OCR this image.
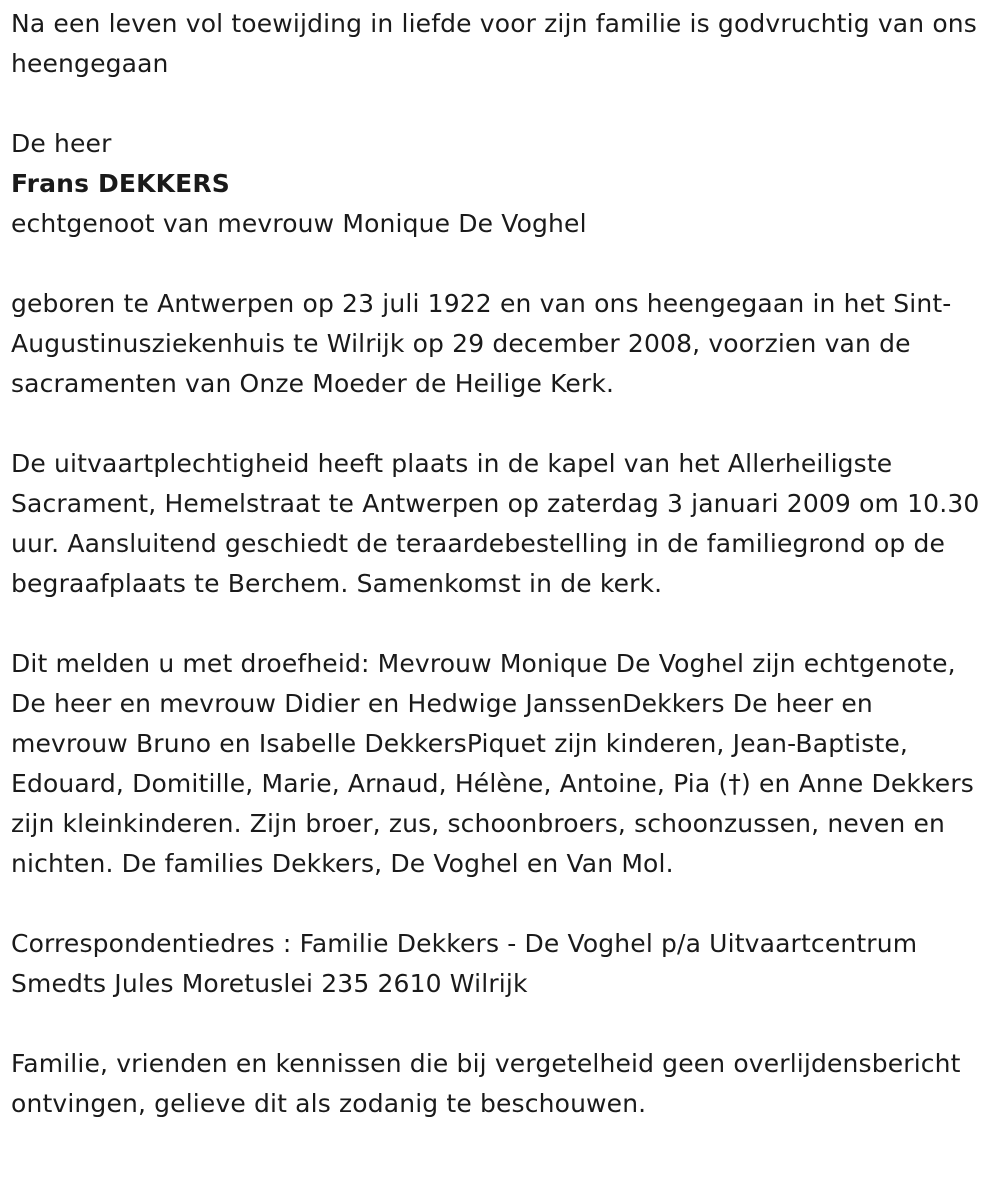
Na een leven vol toewijding in liefde voor zijn familie is godvruchtig van ons heengegaan

De heer

Frans DEKKERS

echtgenoot van mevrouw Monique De Voghel

geboren te Antwerpen op 23 juli 1922 en van ons heengegaan in het Sint-Augustinusziekenhuis te Wilrijk op 29 december 2008, voorzien van de sacramenten van Onze Moeder de Heilige Kerk.

De uitvaartplechtigheid heeft plaats in de kapel van het Allerheiligste Sacrament, Hemelstraat te Antwerpen op zaterdag 3 januari 2009 om 10.30 uur. Aansluitend geschiedt de teraardebestelling in de familiegrond op de begraafplaats te Berchem. Samenkomst in de kerk.

Dit melden u met droefheid: Mevrouw Monique De Voghel zijn echtgenote, De heer en mevrouw Didier en Hedwige JanssenDekkers De heer en mevrouw Bruno en Isabelle DekkersPiquet zijn kinderen, Jean-Baptiste, Edouard, Domitille, Marie, Arnaud, Hélène, Antoine, Pia (†) en Anne Dekkers zijn kleinkinderen. Zijn broer, zus, schoonbroers, schoonzussen, neven en nichten. De families Dekkers, De Voghel en Van Mol.

Correspondentiedres : Familie Dekkers - De Voghel p/a Uitvaartcentrum Smedts Jules Moretuslei 235 2610 Wilrijk

Familie, vrienden en kennissen die bij vergetelheid geen overlijdensbericht ontvingen, gelieve dit als zodanig te beschouwen.
